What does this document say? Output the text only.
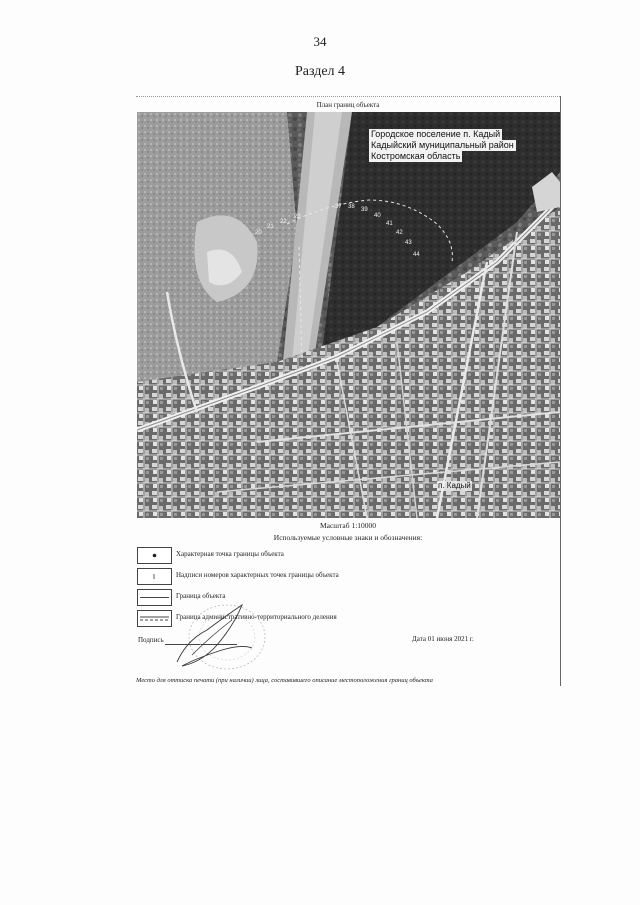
34
Раздел 4
План границ объекта
Городское поселение п. Кадый
Кадыйский муниципальный район
Костромская область
п. Кадый
20
21
22
23
37 38 39
40
41
42
43
44
Масштаб 1:10000
Используемые условные знаки и обозначения:
Характерная точка границы объекта
Надписи номеров характерных точек границы объекта
Граница объекта
Граница административно-территориального деления
Подпись	Дата 01 июня 2021 г.
Место для оттиска печати (при наличии) лица, составившего описание местоположения границ объекта
